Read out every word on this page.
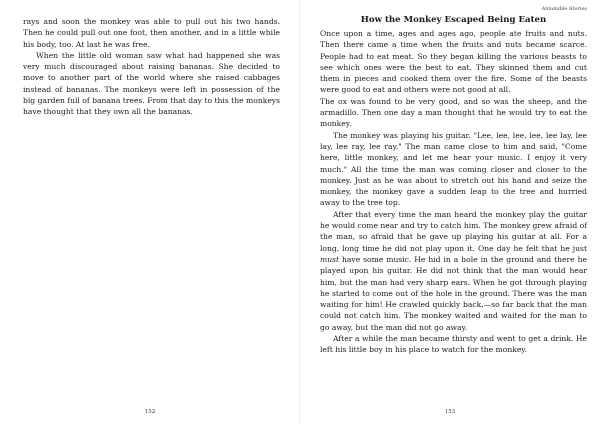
rays and soon the monkey was able to pull out his two hands. Then he could pull out one foot, then another, and in a little while his body, too. At last he was free.

When the little old woman saw what had happened she was very much discouraged about raising bananas. She decided to move to another part of the world where she raised cabbages instead of bananas. The monkeys were left in possession of the big garden full of banana trees. From that day to this the monkeys have thought that they own all the bananas.

152
Annotable Stories
How the Monkey Escaped Being Eaten

Once upon a time, ages and ages ago, people ate fruits and nuts. Then there came a time when the fruits and nuts became scarce. People had to eat meat. So they began killing the various beasts to see which ones were the best to eat. They skinned them and cut them in pieces and cooked them over the fire. Some of the beasts were good to eat and others were not good at all.

The ox was found to be very good, and so was the sheep, and the armadillo. Then one day a man thought that he would try to eat the monkey.

The monkey was playing his guitar. "Lee, lee, lee, lee, lee lay, lee lay, lee ray, lee ray." The man came close to him and said, "Come here, little monkey, and let me hear your music. I enjoy it very much." All the time the man was coming closer and closer to the monkey. Just as he was about to stretch out his hand and seize the monkey, the monkey gave a sudden leap to the tree and hurried away to the tree top.

After that every time the man heard the monkey play the guitar he would come near and try to catch him. The monkey grew afraid of the man, so afraid that he gave up playing his guitar at all. For a long, long time he did not play upon it. One day he felt that he just must have some music. He hid in a hole in the ground and there he played upon his guitar. He did not think that the man would hear him, but the man had very sharp ears. When he got through playing he started to come out of the hole in the ground. There was the man waiting for him! He crawled quickly back,—so far back that the man could not catch him. The monkey waited and waited for the man to go away, but the man did not go away.

After a while the man became thirsty and went to get a drink. He left his little boy in his place to watch for the monkey.

153
